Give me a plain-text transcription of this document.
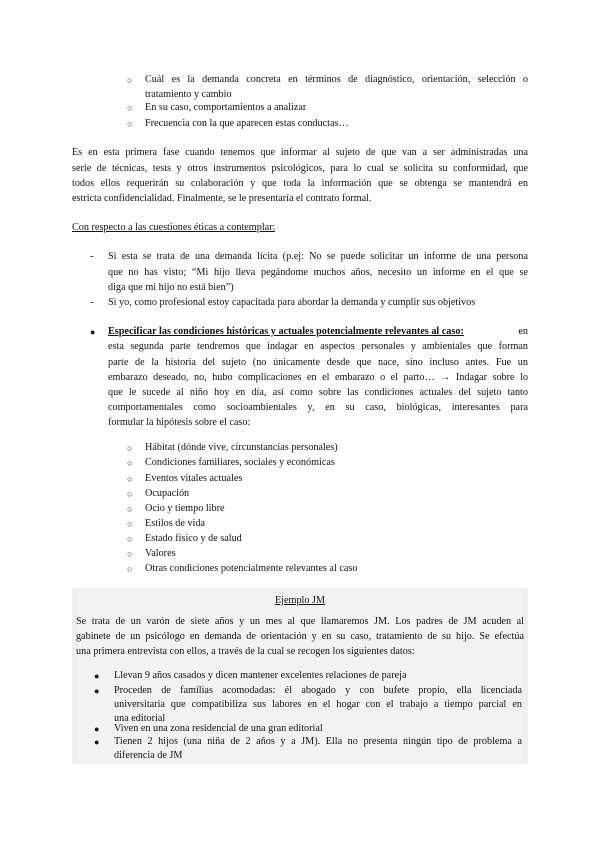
○ Cuál es la demanda concreta en términos de diagnóstico, orientación, selección o
tratamiento y cambio
○ En su caso, comportamientos a analizar
○ Frecuencia con la que aparecen estas conductas…
Es en esta primera fase cuando tenemos que informar al sujeto de que van a ser administradas una
serie de técnicas, tests y otros instrumentos psicológicos, para lo cual se solicita su conformidad, que
todos ellos requerirán su colaboración y que toda la información que se obtenga se mantendrá en
estricta confidencialidad. Finalmente, se le presentaría el contrato formal.
Con respecto a las cuestiones éticas a contemplar:
- Si esta se trata de una demanda lícita (p.ej: No se puede solicitar un informe de una persona
que no has visto; “Mi hijo lleva pegándome muchos años, necesito un informe en el que se
diga que mi hijo no está bien”)
- Si yo, como profesional estoy capacitada para abordar la demanda y cumplir sus objetivos
● Especificar las condiciones históricas y actuales potencialmente relevantes al caso:	en
esta segunda parte tendremos que indagar en aspectos personales y ambientales que forman
parte de la historia del sujeto (no únicamente desde que nace, sino incluso antes. Fue un
embarazo deseado, no, hubo complicaciones en el embarazo o el parto… → Indagar sobre lo
que le sucede al niño hoy en día, así como sobre las condiciones actuales del sujeto tanto
comportamentales como socioambientales y, en su caso, biológicas, interesantes para
formular la hipótesis sobre el caso:
○ Hábitat (dónde vive, circunstancias personales)
○ Condiciones familiares, sociales y económicas
○ Eventos vitales actuales
○ Ocupación
○ Ocio y tiempo libre
○ Estilos de vida
○ Estado físico y de salud
○ Valores
○ Otras condiciones potencialmente relevantes al caso
Ejemplo JM
Se trata de un varón de siete años y un mes al que llamaremos JM. Los padres de JM acuden al
gabinete de un psicólogo en demanda de orientación y en su caso, tratamiento de su hijo. Se efectúa
una primera entrevista con ellos, a través de la cual se recogen los siguientes datos:
● Llevan 9 años casados y dicen mantener excelentes relaciones de pareja
● Proceden de familias acomodadas: él abogado y con bufete propio, ella licenciada
universitaria que compatibiliza sus labores en el hogar con el trabajo a tiempo parcial en
una editorial
● Viven en una zona residencial de una gran editorial
● Tienen 2 hijos (una niña de 2 años y a JM). Ella no presenta ningún tipo de problema a
diferencia de JM
